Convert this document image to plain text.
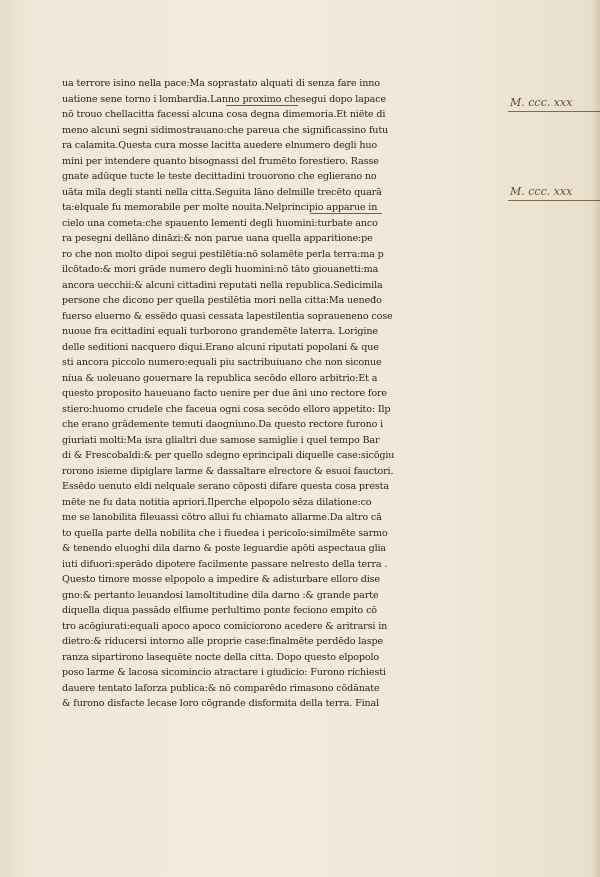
ua terrore isino nella pace:Ma soprastato alquati di senza fare inno
uatione sene torno i lombardia.Lanno proximo chesegui dopo lapace
nō trouo chellacitta facessi alcuna cosa degna dimemoria.Et niēte di
meno alcuni segni sidimostrauano:che pareua che significassino futu
ra calamita.Questa cura mosse lacitta auedere elnumero degli huo
mini per intendere quanto bisognassi del frumēto forestiero. Rasse
gnate adūque tucte le teste decittadini trouorono che eglierano no
uāta mila degli stanti nella citta.Seguita lāno delmille trecēto quarā
ta:elquale fu memorabile per molte nouita.Nelprincipio apparue in
cielo una cometa:che spauento lementi degli huomini:turbate anco
ra pesegni dellāno dināzi:& non parue uana quella apparitione:pe
ro che non molto dipoi segui pestilētia:nō solamēte perla terra:ma p
ilcōtado:& mori grāde numero degli huomini:nō tāto giouanetti:ma
ancora uecchii:& alcuni cittadini reputati nella republica.Sedicimila
persone che dicono per quella pestilētia mori nella citta:Ma ueneđo
fuerso eluerno & essēdo quasi cessata lapestilentia sopraueneno cose
nuoue fra ecittadini equali turborono grandemēte laterra. Lorigine
delle seditioni nacquero diqui.Erano alcuni riputati popolani & que
sti ancora piccolo numero:equali piu sactribuiuano che non siconue
niua & uoleuano gouernare la republica secōdo elloro arbitrio:Et a
questo proposito haueuano facto uenire per due āni uno rectore fore
stiero:huomo crudele che faceua ogni cosa secōdo elloro appetito: Ilp
che erano grādemente temuti daogniuno.Da questo rectore furono i
giuriati molti:Ma isra glialtri due samose samiglie i quel tempo Bar
di & Frescobaldi:& per quello sdegno eprincipali diquelle case:sicōgiu
rorono isieme dipiglare larme & dassaltare elrectore & esuoi fauctori.
Essēdo uenuto eldi nelquale serano cōposti difare questa cosa presta
mēte ne fu data notitia apriori.Ilperche elpopolo sēza dilatione:co
me se lanobilita fileuassi cōtro allui fu chiamato allarme.Da altro cā
to quella parte della nobilita che i fiuedea i pericolo:similmēte sarmo
& tenendo eluoghi dila darno & poste leguardie apōti aspectaua glia
iuti difuori:sperādo dipotere facilmente passare nelresto della terra .
Questo timore mosse elpopolo a impedire & adisturbare elloro dise
gno:& pertanto leuandosi lamoltitudine dila darno :& grande parte
diquella diqua passādo elfiume perlultimo ponte feciono empito cō
tro acōgiurati:equali apoco apoco comiciorono acedere & aritrarsi in
dietro:& riducersi intorno alle proprie case:finalmēte perdēdo laspe
ranza sipartirono lasequēte nocte della citta. Dopo questo elpopolo
poso larme & lacosa sicomincio atractare i giudicio: Furono richiesti
dauere tentato laforza publica:& nō comparēdo rimasono cōdānate
& furono disfacte lecase loro cōgrande disformita della terra. Final
M. ccc. xxx
M. ccc. xxx
